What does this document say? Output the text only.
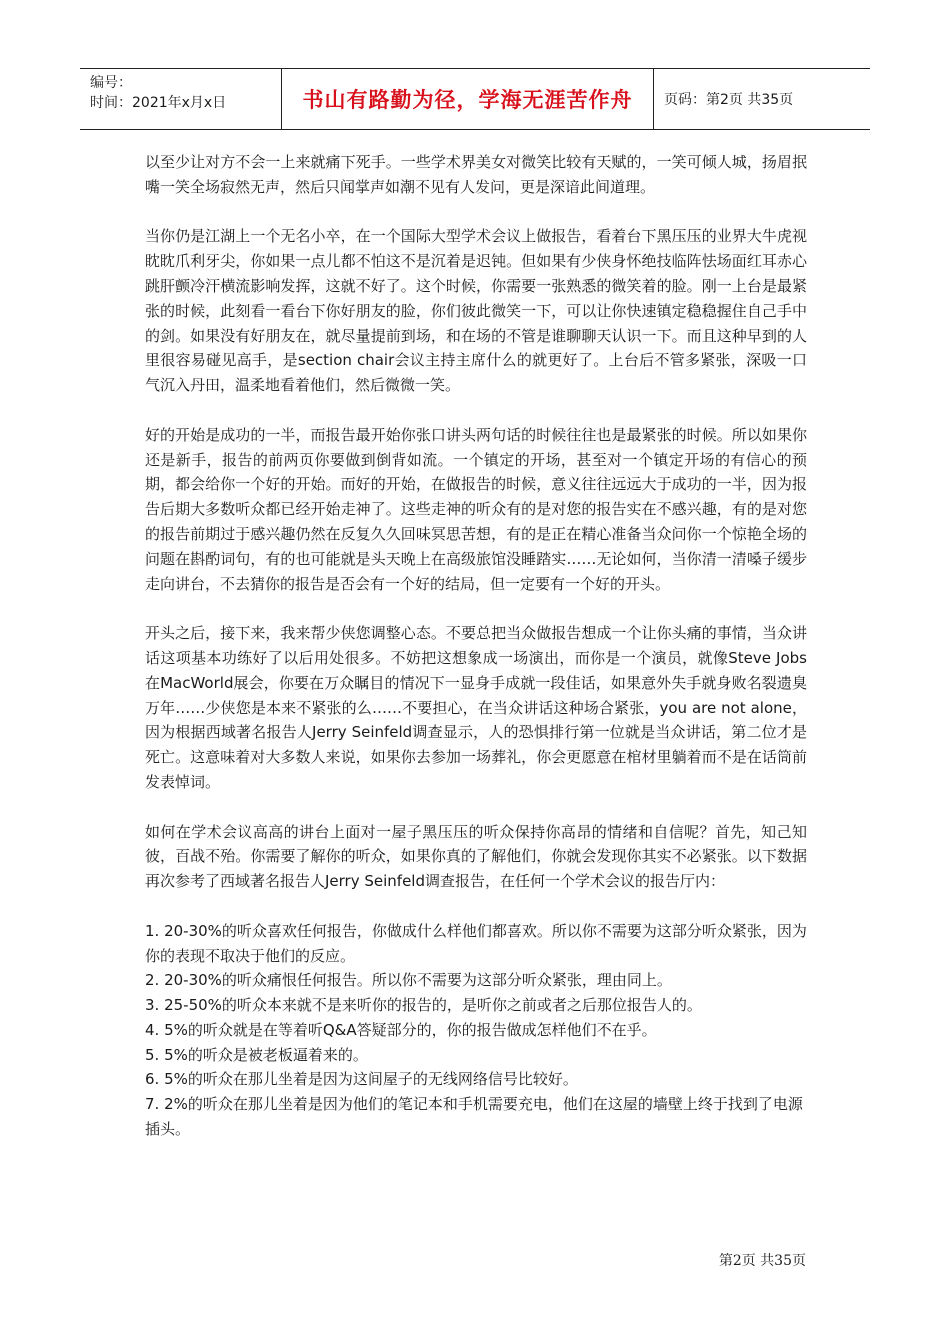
编号：
时间：2021年x月x日	书山有路勤为径，学海无涯苦作舟	页码：第2页 共35页

以至少让对方不会一上来就痛下死手。一些学术界美女对微笑比较有天赋的，一笑可倾人城，扬眉抿嘴一笑全场寂然无声，然后只闻掌声如潮不见有人发问，更是深谙此间道理。

当你仍是江湖上一个无名小卒，在一个国际大型学术会议上做报告，看着台下黑压压的业界大牛虎视眈眈爪利牙尖，你如果一点儿都不怕这不是沉着是迟钝。但如果有少侠身怀绝技临阵怯场面红耳赤心跳肝颤冷汗横流影响发挥，这就不好了。这个时候，你需要一张熟悉的微笑着的脸。刚一上台是最紧张的时候，此刻看一看台下你好朋友的脸，你们彼此微笑一下，可以让你快速镇定稳稳握住自己手中的剑。如果没有好朋友在，就尽量提前到场，和在场的不管是谁聊聊天认识一下。而且这种早到的人里很容易碰见高手，是section chair会议主持主席什么的就更好了。上台后不管多紧张，深吸一口气沉入丹田，温柔地看着他们，然后微微一笑。

好的开始是成功的一半，而报告最开始你张口讲头两句话的时候往往也是最紧张的时候。所以如果你还是新手，报告的前两页你要做到倒背如流。一个镇定的开场，甚至对一个镇定开场的有信心的预期，都会给你一个好的开始。而好的开始，在做报告的时候，意义往往远远大于成功的一半，因为报告后期大多数听众都已经开始走神了。这些走神的听众有的是对您的报告实在不感兴趣，有的是对您的报告前期过于感兴趣仍然在反复久久回味冥思苦想，有的是正在精心准备当众问你一个惊艳全场的问题在斟酌词句，有的也可能就是头天晚上在高级旅馆没睡踏实……无论如何，当你清一清嗓子缓步走向讲台，不去猜你的报告是否会有一个好的结局，但一定要有一个好的开头。

开头之后，接下来，我来帮少侠您调整心态。不要总把当众做报告想成一个让你头痛的事情，当众讲话这项基本功练好了以后用处很多。不妨把这想象成一场演出，而你是一个演员，就像Steve Jobs在MacWorld展会，你要在万众瞩目的情况下一显身手成就一段佳话，如果意外失手就身败名裂遗臭万年……少侠您是本来不紧张的么……不要担心，在当众讲话这种场合紧张，you are not alone，因为根据西域著名报告人Jerry Seinfeld调查显示，人的恐惧排行第一位就是当众讲话，第二位才是死亡。这意味着对大多数人来说，如果你去参加一场葬礼，你会更愿意在棺材里躺着而不是在话筒前发表悼词。

如何在学术会议高高的讲台上面对一屋子黑压压的听众保持你高昂的情绪和自信呢？首先，知己知彼，百战不殆。你需要了解你的听众，如果你真的了解他们，你就会发现你其实不必紧张。以下数据再次参考了西域著名报告人Jerry Seinfeld调查报告，在任何一个学术会议的报告厅内：

1. 20-30%的听众喜欢任何报告，你做成什么样他们都喜欢。所以你不需要为这部分听众紧张，因为你的表现不取决于他们的反应。
2. 20-30%的听众痛恨任何报告。所以你不需要为这部分听众紧张，理由同上。
3. 25-50%的听众本来就不是来听你的报告的，是听你之前或者之后那位报告人的。
4. 5%的听众就是在等着听Q&A答疑部分的，你的报告做成怎样他们不在乎。
5. 5%的听众是被老板逼着来的。
6. 5%的听众在那儿坐着是因为这间屋子的无线网络信号比较好。
7. 2%的听众在那儿坐着是因为他们的笔记本和手机需要充电，他们在这屋的墙壁上终于找到了电源插头。
第2页 共35页
